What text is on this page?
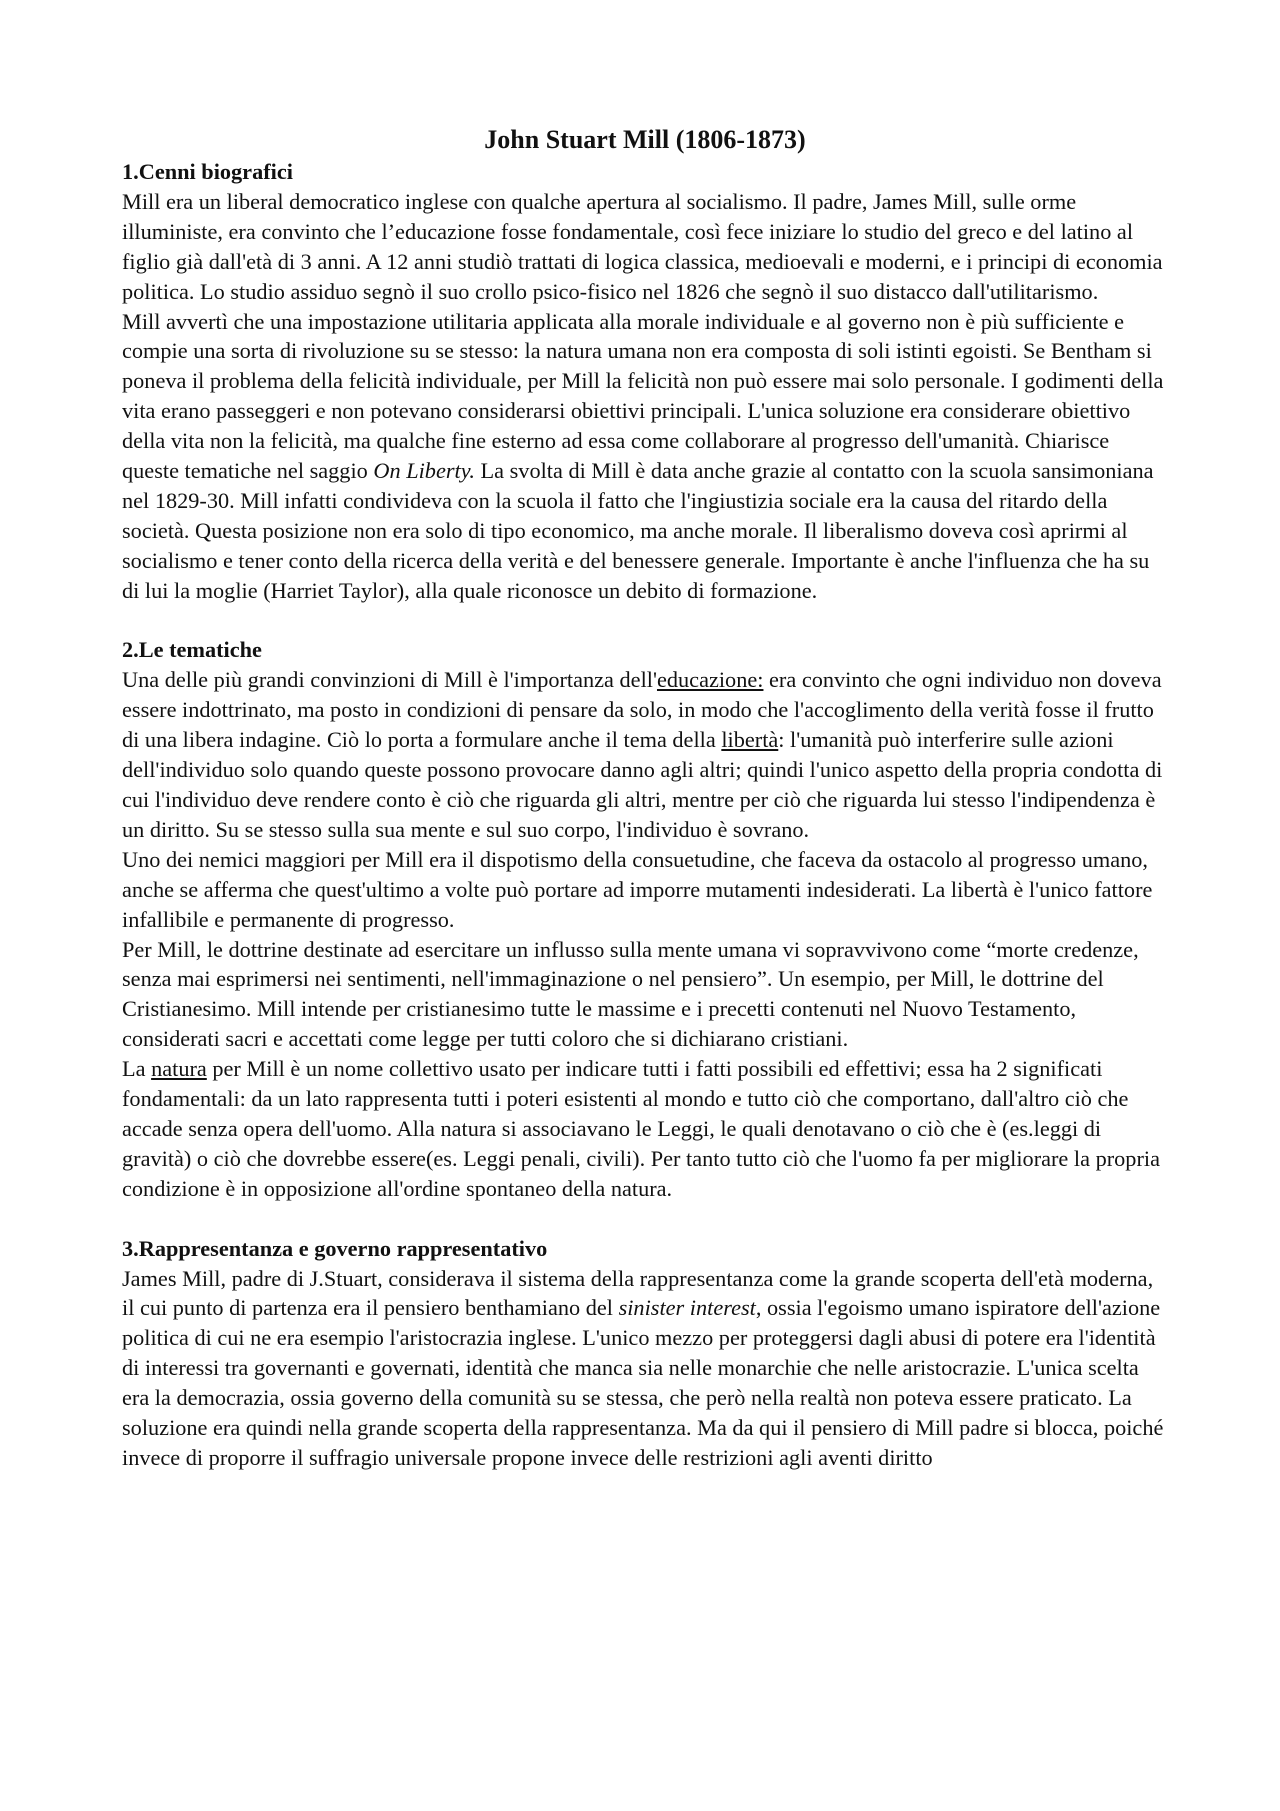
John Stuart Mill (1806-1873)

1.Cenni biografici

Mill era un liberal democratico inglese con qualche apertura al socialismo. Il padre, James Mill, sulle orme illuministe, era convinto che l’educazione fosse fondamentale, così fece iniziare lo studio del greco e del latino al figlio già dall'età di 3 anni. A 12 anni studiò trattati di logica classica, medioevali e moderni, e i principi di economia politica. Lo studio assiduo segnò il suo crollo psico-fisico nel 1826 che segnò il suo distacco dall'utilitarismo.

Mill avvertì che una impostazione utilitaria applicata alla morale individuale e al governo non è più sufficiente e compie una sorta di rivoluzione su se stesso: la natura umana non era composta di soli istinti egoisti. Se Bentham si poneva il problema della felicità individuale, per Mill la felicità non può essere mai solo personale. I godimenti della vita erano passeggeri e non potevano considerarsi obiettivi principali. L'unica soluzione era considerare obiettivo della vita non la felicità, ma qualche fine esterno ad essa come collaborare al progresso dell'umanità. Chiarisce queste tematiche nel saggio On Liberty. La svolta di Mill è data anche grazie al contatto con la scuola sansimoniana nel 1829-30. Mill infatti condivideva con la scuola il fatto che l'ingiustizia sociale era la causa del ritardo della società. Questa posizione non era solo di tipo economico, ma anche morale. Il liberalismo doveva così aprirmi al socialismo e tener conto della ricerca della verità e del benessere generale. Importante è anche l'influenza che ha su di lui la moglie (Harriet Taylor), alla quale riconosce un debito di formazione.

2.Le tematiche

Una delle più grandi convinzioni di Mill è l'importanza dell'educazione: era convinto che ogni individuo non doveva essere indottrinato, ma posto in condizioni di pensare da solo, in modo che l'accoglimento della verità fosse il frutto di una libera indagine. Ciò lo porta a formulare anche il tema della libertà: l'umanità può interferire sulle azioni dell'individuo solo quando queste possono provocare danno agli altri; quindi l'unico aspetto della propria condotta di cui l'individuo deve rendere conto è ciò che riguarda gli altri, mentre per ciò che riguarda lui stesso l'indipendenza è un diritto. Su se stesso sulla sua mente e sul suo corpo, l'individuo è sovrano.

Uno dei nemici maggiori per Mill era il dispotismo della consuetudine, che faceva da ostacolo al progresso umano, anche se afferma che quest'ultimo a volte può portare ad imporre mutamenti indesiderati. La libertà è l'unico fattore infallibile e permanente di progresso.

Per Mill, le dottrine destinate ad esercitare un influsso sulla mente umana vi sopravvivono come “morte credenze, senza mai esprimersi nei sentimenti, nell'immaginazione o nel pensiero”. Un esempio, per Mill, le dottrine del Cristianesimo. Mill intende per cristianesimo tutte le massime e i precetti contenuti nel Nuovo Testamento, considerati sacri e accettati come legge per tutti coloro che si dichiarano cristiani.

La natura per Mill è un nome collettivo usato per indicare tutti i fatti possibili ed effettivi; essa ha 2 significati fondamentali: da un lato rappresenta tutti i poteri esistenti al mondo e tutto ciò che comportano, dall'altro ciò che accade senza opera dell'uomo. Alla natura si associavano le Leggi, le quali denotavano o ciò che è (es.leggi di gravità) o ciò che dovrebbe essere(es. Leggi penali, civili). Per tanto tutto ciò che l'uomo fa per migliorare la propria condizione è in opposizione all'ordine spontaneo della natura.

3.Rappresentanza e governo rappresentativo

James Mill, padre di J.Stuart, considerava il sistema della rappresentanza come la grande scoperta dell'età moderna, il cui punto di partenza era il pensiero benthamiano del sinister interest, ossia l'egoismo umano ispiratore dell'azione politica di cui ne era esempio l'aristocrazia inglese. L'unico mezzo per proteggersi dagli abusi di potere era l'identità di interessi tra governanti e governati, identità che manca sia nelle monarchie che nelle aristocrazie. L'unica scelta era la democrazia, ossia governo della comunità su se stessa, che però nella realtà non poteva essere praticato. La soluzione era quindi nella grande scoperta della rappresentanza. Ma da qui il pensiero di Mill padre si blocca, poiché invece di proporre il suffragio universale propone invece delle restrizioni agli aventi diritto
